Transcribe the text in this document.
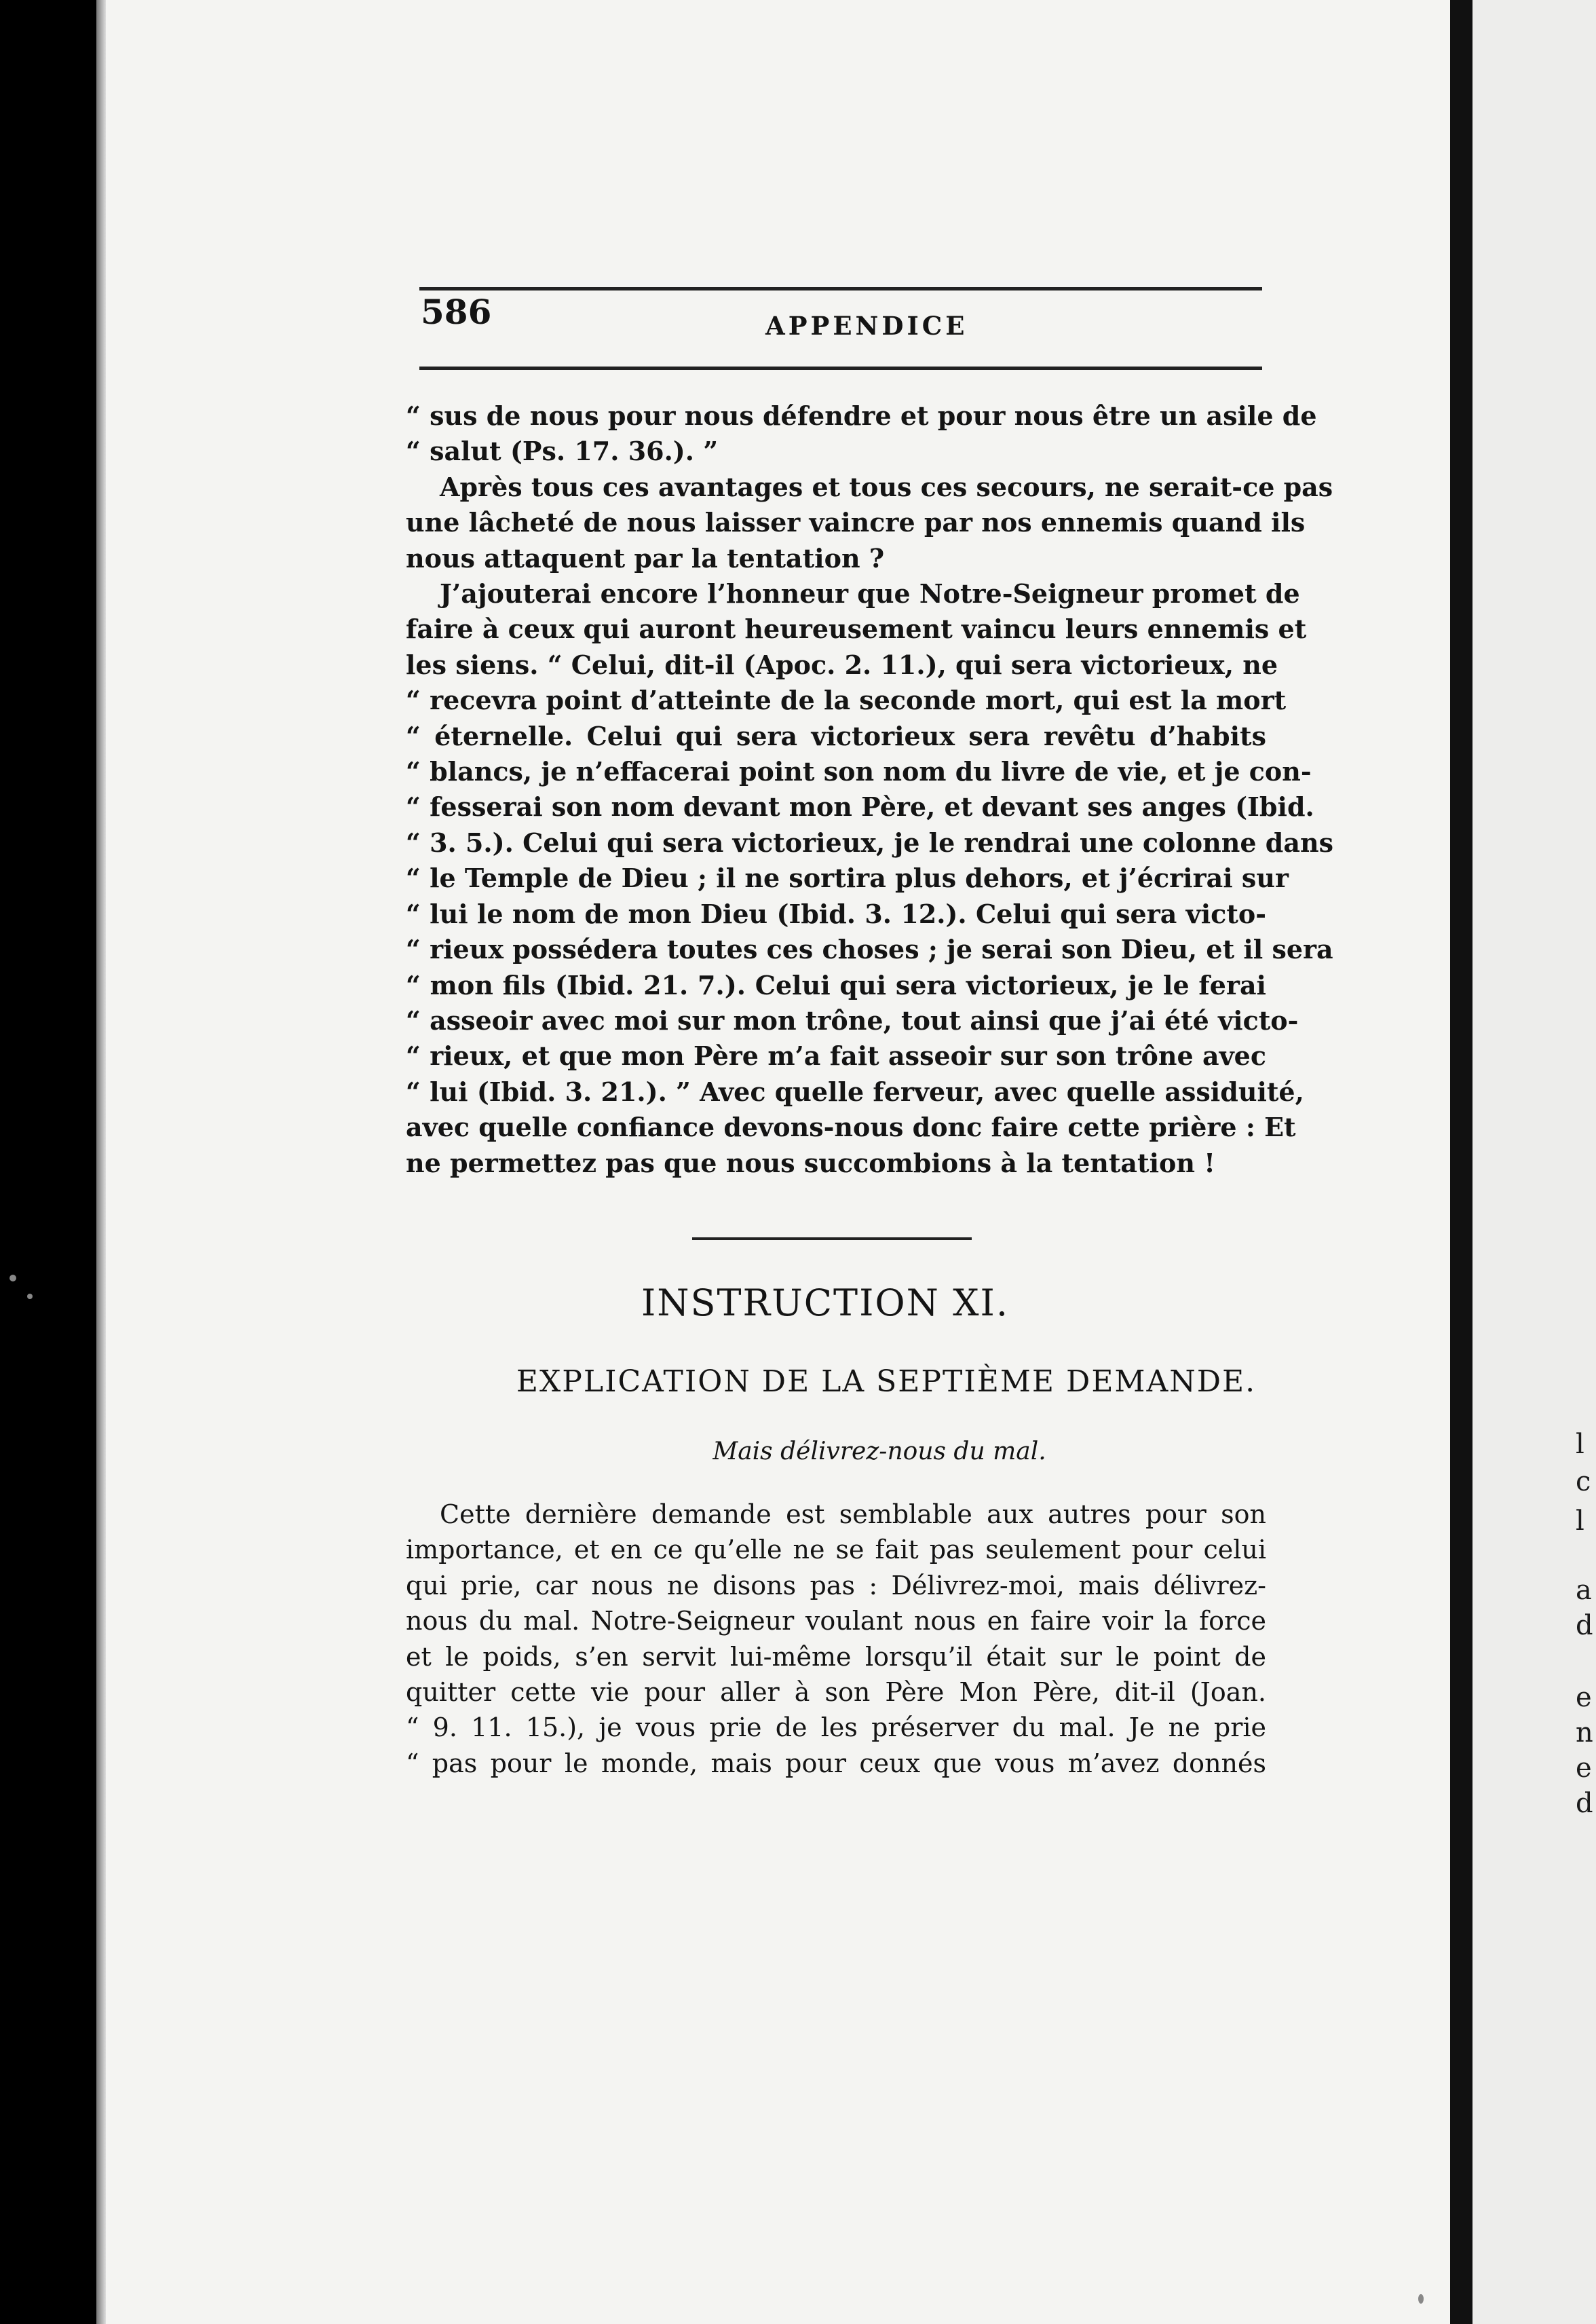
586	APPENDICE
“ sus de nous pour nous défendre et pour nous être un asile de
“ salut (Ps. 17. 36.). ”
Après tous ces avantages et tous ces secours, ne serait-ce pas
une lâcheté de nous laisser vaincre par nos ennemis quand ils
nous attaquent par la tentation ?
J’ajouterai encore l’honneur que Notre-Seigneur promet de
faire à ceux qui auront heureusement vaincu leurs ennemis et
les siens. “ Celui, dit-il (Apoc. 2. 11.), qui sera victorieux, ne
“ recevra point d’atteinte de la seconde mort, qui est la mort
“ éternelle. Celui qui sera victorieux sera revêtu d’habits
“ blancs, je n’effacerai point son nom du livre de vie, et je con-
“ fesserai son nom devant mon Père, et devant ses anges (Ibid.
“ 3. 5.). Celui qui sera victorieux, je le rendrai une colonne dans
“ le Temple de Dieu ; il ne sortira plus dehors, et j’écrirai sur
“ lui le nom de mon Dieu (Ibid. 3. 12.). Celui qui sera victo-
“ rieux possédera toutes ces choses ; je serai son Dieu, et il sera
“ mon fils (Ibid. 21. 7.). Celui qui sera victorieux, je le ferai
“ asseoir avec moi sur mon trône, tout ainsi que j’ai été victo-
“ rieux, et que mon Père m’a fait asseoir sur son trône avec
“ lui (Ibid. 3. 21.). ” Avec quelle ferveur, avec quelle assiduité,
avec quelle confiance devons-nous donc faire cette prière : Et
ne permettez pas que nous succombions à la tentation !
INSTRUCTION XI.
EXPLICATION DE LA SEPTIÈME DEMANDE.
Mais délivrez-nous du mal.
Cette dernière demande est semblable aux autres pour son
importance, et en ce qu’elle ne se fait pas seulement pour celui
qui prie, car nous ne disons pas : Délivrez-moi, mais délivrez-
nous du mal. Notre-Seigneur voulant nous en faire voir la force
et le poids, s’en servit lui-même lorsqu’il était sur le point de
quitter cette vie pour aller à son Père Mon Père, dit-il (Joan.
“ 9. 11. 15.), je vous prie de les préserver du mal. Je ne prie
“ pas pour le monde, mais pour ceux que vous m’avez donnés
l
c
l
a
d
e
n
e
d
